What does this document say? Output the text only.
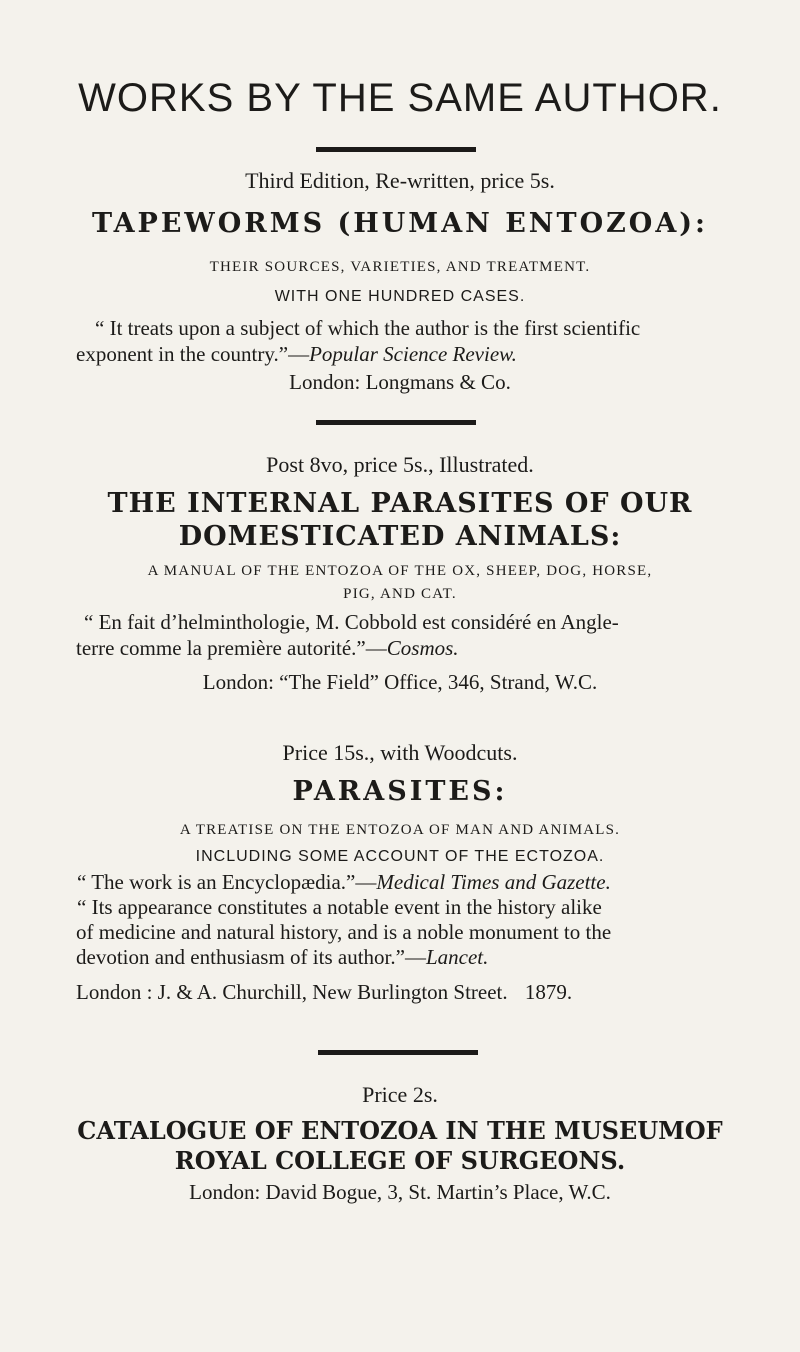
WORKS BY THE SAME AUTHOR.
Third Edition, Re-written, price 5s.
TAPEWORMS (HUMAN ENTOZOA):
THEIR SOURCES, VARIETIES, AND TREATMENT.
WITH ONE HUNDRED CASES.
“ It treats upon a subject of which the author is the first scientific
exponent in the country.”—Popular Science Review.
London: Longmans & Co.
Post 8vo, price 5s., Illustrated.
THE INTERNAL PARASITES OF OUR
DOMESTICATED ANIMALS:
A MANUAL OF THE ENTOZOA OF THE OX, SHEEP, DOG, HORSE,
PIG, AND CAT.
“ En fait d’helminthologie, M. Cobbold est considéré en Angle-
terre comme la première autorité.”—Cosmos.
London: “The Field” Office, 346, Strand, W.C.
Price 15s., with Woodcuts.
PARASITES:
A TREATISE ON THE ENTOZOA OF MAN AND ANIMALS.
INCLUDING SOME ACCOUNT OF THE ECTOZOA.
“ The work is an Encyclopædia.”—Medical Times and Gazette.
“ Its appearance constitutes a notable event in the history alike
of medicine and natural history, and is a noble monument to the
devotion and enthusiasm of its author.”—Lancet.
London : J. & A. Churchill, New Burlington Street. 1879.
Price 2s.
CATALOGUE OF ENTOZOA IN THE MUSEUMOF
ROYAL COLLEGE OF SURGEONS.
London: David Bogue, 3, St. Martin’s Place, W.C.
